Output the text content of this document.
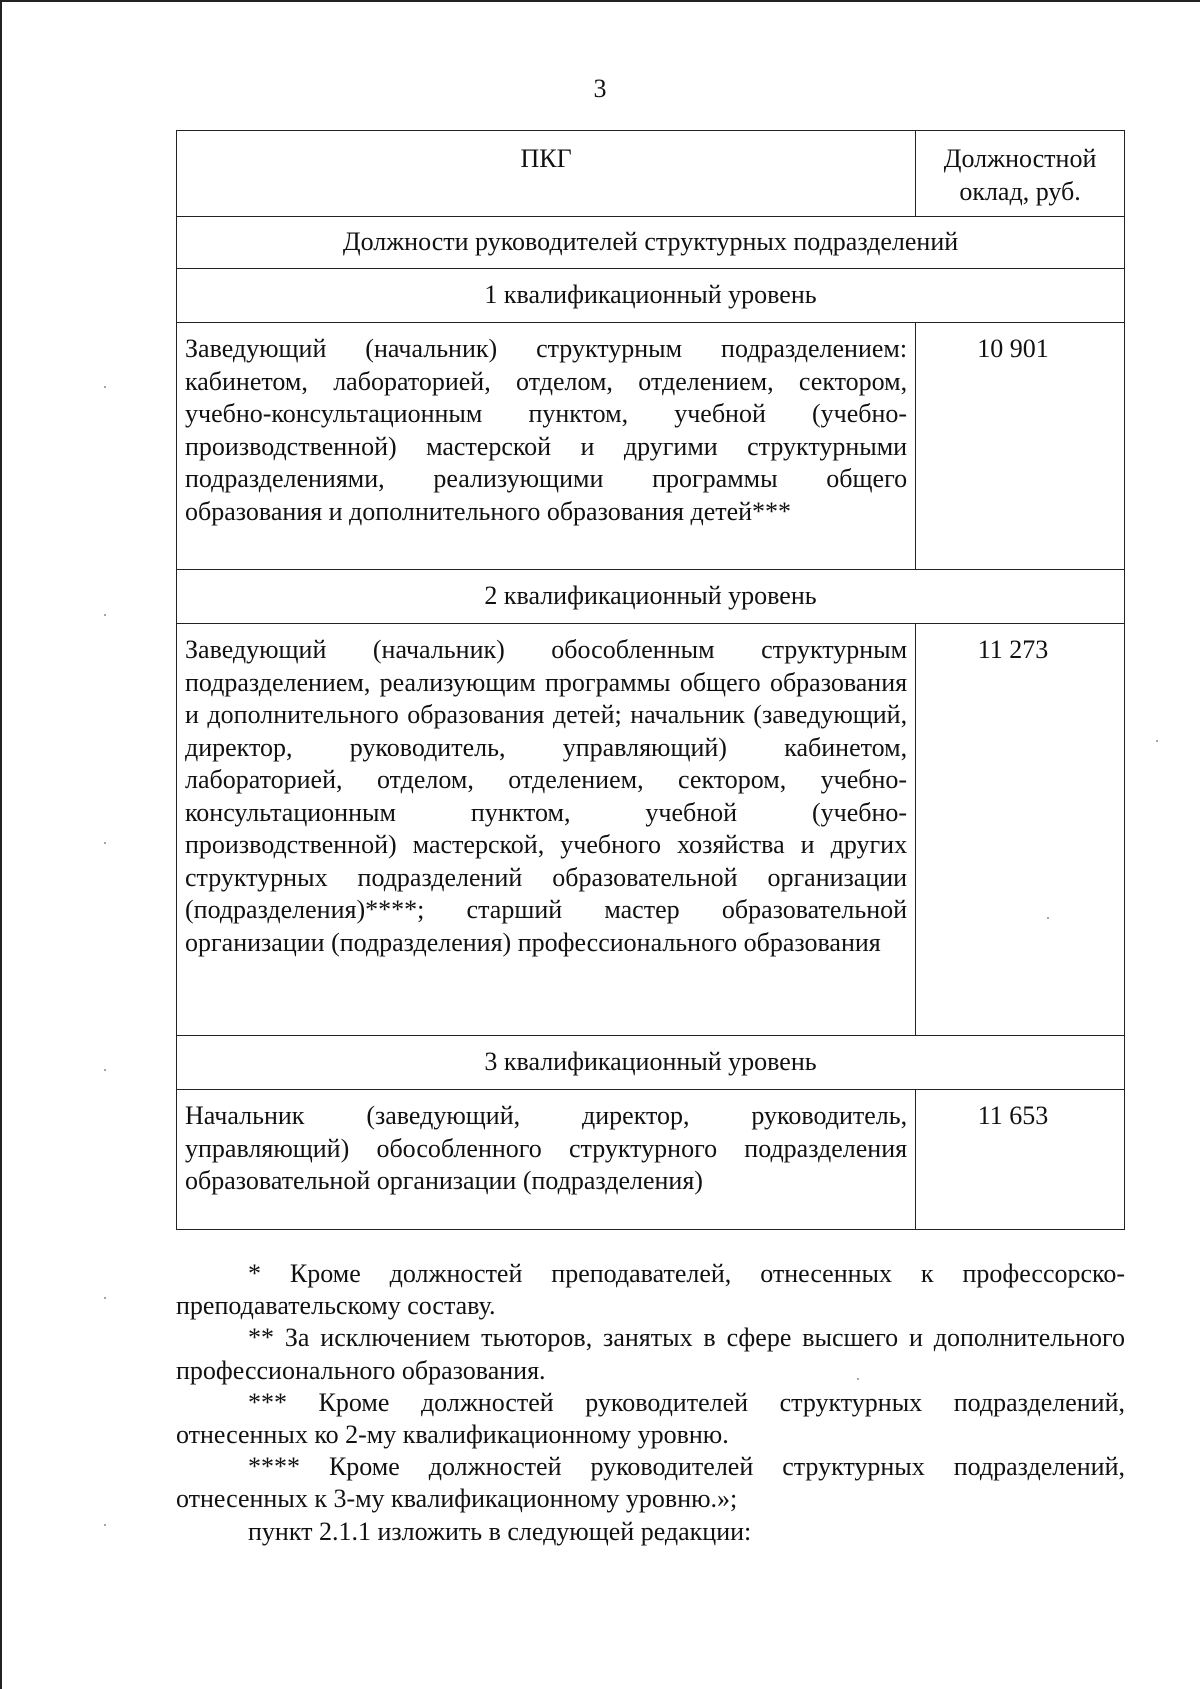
3
ПКГ	Должностной
оклад, руб.
Должности руководителей структурных подразделений	
1 квалификационный уровень	
Заведующий (начальник) структурным подразделением: кабинетом, лабораторией, отделом, отделением, сектором, учебно-консультационным пунктом, учебной (учебно-производственной) мастерской и другими структурными подразделениями, реализующими программы общего образования и дополнительного образования детей***	10 901
2 квалификационный уровень	
Заведующий (начальник) обособленным структурным подразделением, реализующим программы общего образования и дополнительного образования детей; начальник (заведующий, директор, руководитель, управляющий) кабинетом, лабораторией, отделом, отделением, сектором, учебно-консультационным пунктом, учебной (учебно-производственной) мастерской, учебного хозяйства и других структурных подразделений образовательной организации (подразделения)****; старший мастер образовательной организации (подразделения) профессионального образования	11 273
3 квалификационный уровень	
Начальник (заведующий, директор, руководитель, управляющий) обособленного структурного подразделения образовательной организации (подразделения)	11 653

* Кроме должностей преподавателей, отнесенных к профессорско-преподавательскому составу.

** За исключением тьюторов, занятых в сфере высшего и дополнительного профессионального образования.

*** Кроме должностей руководителей структурных подразделений, отнесенных ко 2-му квалификационному уровню.

**** Кроме должностей руководителей структурных подразделений, отнесенных к 3-му квалификационному уровню.»;

пункт 2.1.1 изложить в следующей редакции:
